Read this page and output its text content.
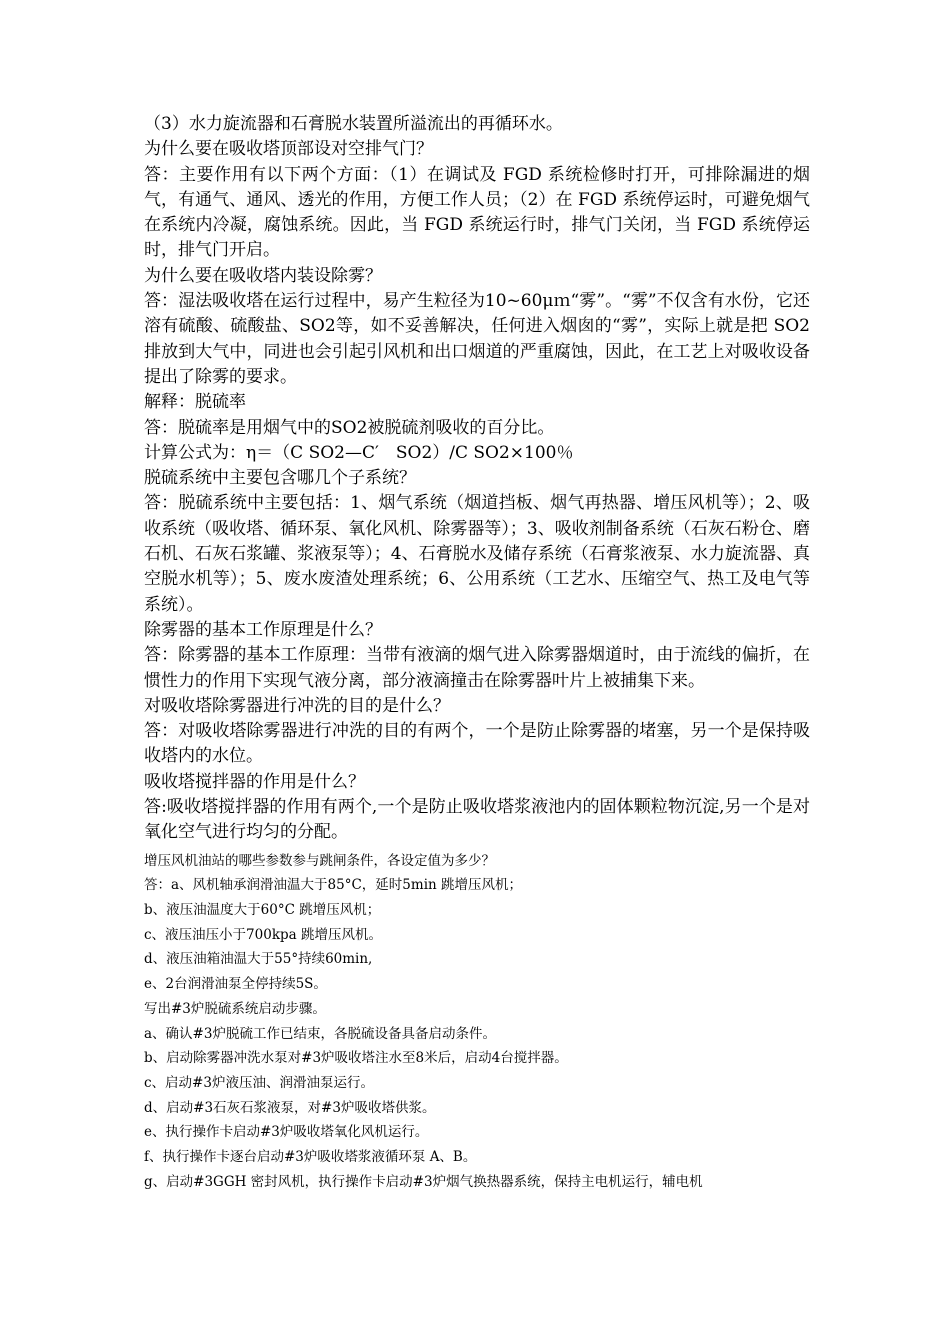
（3）水力旋流器和石膏脱水装置所溢流出的再循环水。

为什么要在吸收塔顶部设对空排气门？

答：主要作用有以下两个方面：（1）在调试及 FGD 系统检修时打开，可排除漏进的烟气，有通气、通风、透光的作用，方便工作人员；（2）在 FGD 系统停运时，可避免烟气在系统内冷凝，腐蚀系统。因此，当 FGD 系统运行时，排气门关闭，当 FGD 系统停运时，排气门开启。

为什么要在吸收塔内装设除雾？

答：湿法吸收塔在运行过程中，易产生粒径为10~60μｍ“雾”。“雾”不仅含有水份，它还溶有硫酸、硫酸盐、SO2等，如不妥善解决，任何进入烟囱的“雾”，实际上就是把 SO2排放到大气中，同进也会引起引风机和出口烟道的严重腐蚀，因此，在工艺上对吸收设备提出了除雾的要求。

解释：脱硫率

答：脱硫率是用烟气中的SO2被脱硫剂吸收的百分比。

计算公式为：η＝（C SO2—C′　SO2）/C SO2×100％

脱硫系统中主要包含哪几个子系统？

答：脱硫系统中主要包括：1、烟气系统（烟道挡板、烟气再热器、增压风机等）；2、吸收系统（吸收塔、循环泵、氧化风机、除雾器等）；3、吸收剂制备系统（石灰石粉仓、磨石机、石灰石浆罐、浆液泵等）；4、石膏脱水及储存系统（石膏浆液泵、水力旋流器、真空脱水机等）；5、废水废渣处理系统；6、公用系统（工艺水、压缩空气、热工及电气等系统）。

除雾器的基本工作原理是什么？

答：除雾器的基本工作原理：当带有液滴的烟气进入除雾器烟道时，由于流线的偏折，在惯性力的作用下实现气液分离，部分液滴撞击在除雾器叶片上被捕集下来。

对吸收塔除雾器进行冲洗的目的是什么？

答：对吸收塔除雾器进行冲洗的目的有两个，一个是防止除雾器的堵塞，另一个是保持吸收塔内的水位。

吸收塔搅拌器的作用是什么？

答:吸收塔搅拌器的作用有两个,一个是防止吸收塔浆液池内的固体颗粒物沉淀,另一个是对氧化空气进行均匀的分配。

增压风机油站的哪些参数参与跳闸条件，各设定值为多少？

答：a、风机轴承润滑油温大于85°C，延时5min 跳增压风机；

b、液压油温度大于60°C 跳增压风机；

c、液压油压小于700kpa 跳增压风机。

d、液压油箱油温大于55°持续60min,

e、2台润滑油泵全停持续5S。

写出#3炉脱硫系统启动步骤。

a、确认#3炉脱硫工作已结束，各脱硫设备具备启动条件。

b、启动除雾器冲洗水泵对#3炉吸收塔注水至8米后，启动4台搅拌器。

c、启动#3炉液压油、润滑油泵运行。

d、启动#3石灰石浆液泵，对#3炉吸收塔供浆。

e、执行操作卡启动#3炉吸收塔氧化风机运行。

f、执行操作卡逐台启动#3炉吸收塔浆液循环泵 A、B。

g、启动#3GGH 密封风机，执行操作卡启动#3炉烟气换热器系统，保持主电机运行，辅电机
